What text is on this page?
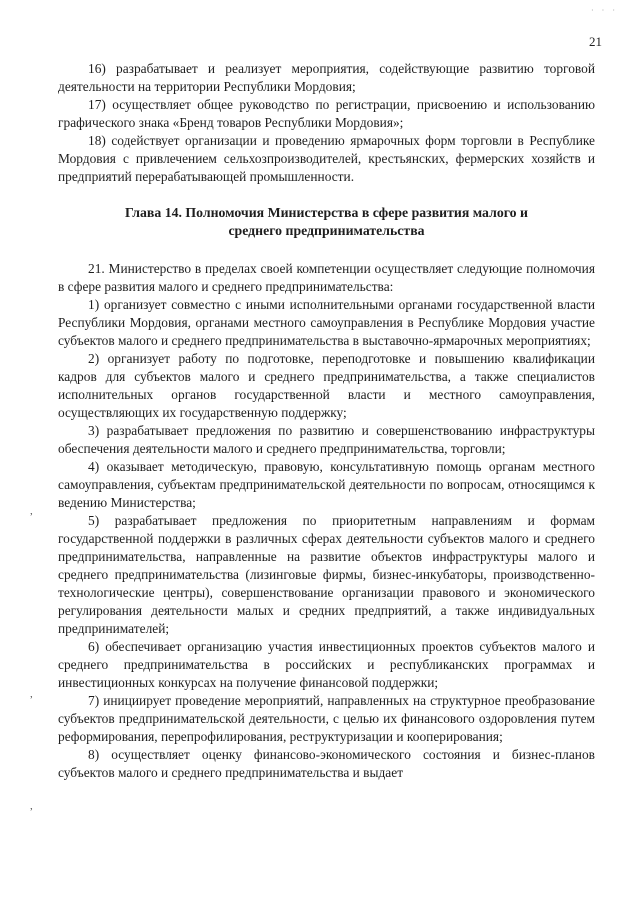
· · ·
21
,
,
,

16) разрабатывает и реализует мероприятия, содействующие развитию торговой деятельности на территории Республики Мордовия;

17) осуществляет общее руководство по регистрации, присвоению и использованию графического знака «Бренд товаров Республики Мордовия»;

18) содействует организации и проведению ярмарочных форм торговли в Республике Мордовия с привлечением сельхозпроизводителей, крестьянских, фермерских хозяйств и предприятий перерабатывающей промышленности.

Глава 14. Полномочия Министерства в сфере развития малого и среднего предпринимательства

21. Министерство в пределах своей компетенции осуществляет следующие полномочия в сфере развития малого и среднего предпринимательства:

1) организует совместно с иными исполнительными органами государственной власти Республики Мордовия, органами местного самоуправления в Республике Мордовия участие субъектов малого и среднего предпринимательства в выставочно-ярмарочных мероприятиях;

2) организует работу по подготовке, переподготовке и повышению квалификации кадров для субъектов малого и среднего предпринимательства, а также специалистов исполнительных органов государственной власти и местного самоуправления, осуществляющих их государственную поддержку;

3) разрабатывает предложения по развитию и совершенствованию инфраструктуры обеспечения деятельности малого и среднего предпринимательства, торговли;

4) оказывает методическую, правовую, консультативную помощь органам местного самоуправления, субъектам предпринимательской деятельности по вопросам, относящимся к ведению Министерства;

5) разрабатывает предложения по приоритетным направлениям и формам государственной поддержки в различных сферах деятельности субъектов малого и среднего предпринимательства, направленные на развитие объектов инфраструктуры малого и среднего предпринимательства (лизинговые фирмы, бизнес-инкубаторы, производственно-технологические центры), совершенствование организации правового и экономического регулирования деятельности малых и средних предприятий, а также индивидуальных предпринимателей;

6) обеспечивает организацию участия инвестиционных проектов субъектов малого и среднего предпринимательства в российских и республиканских программах и инвестиционных конкурсах на получение финансовой поддержки;

7) инициирует проведение мероприятий, направленных на структурное преобразование субъектов предпринимательской деятельности, с целью их финансового оздоровления путем реформирования, перепрофилирования, реструктуризации и кооперирования;

8) осуществляет оценку финансово-экономического состояния и бизнес-планов субъектов малого и среднего предпринимательства и выдает
